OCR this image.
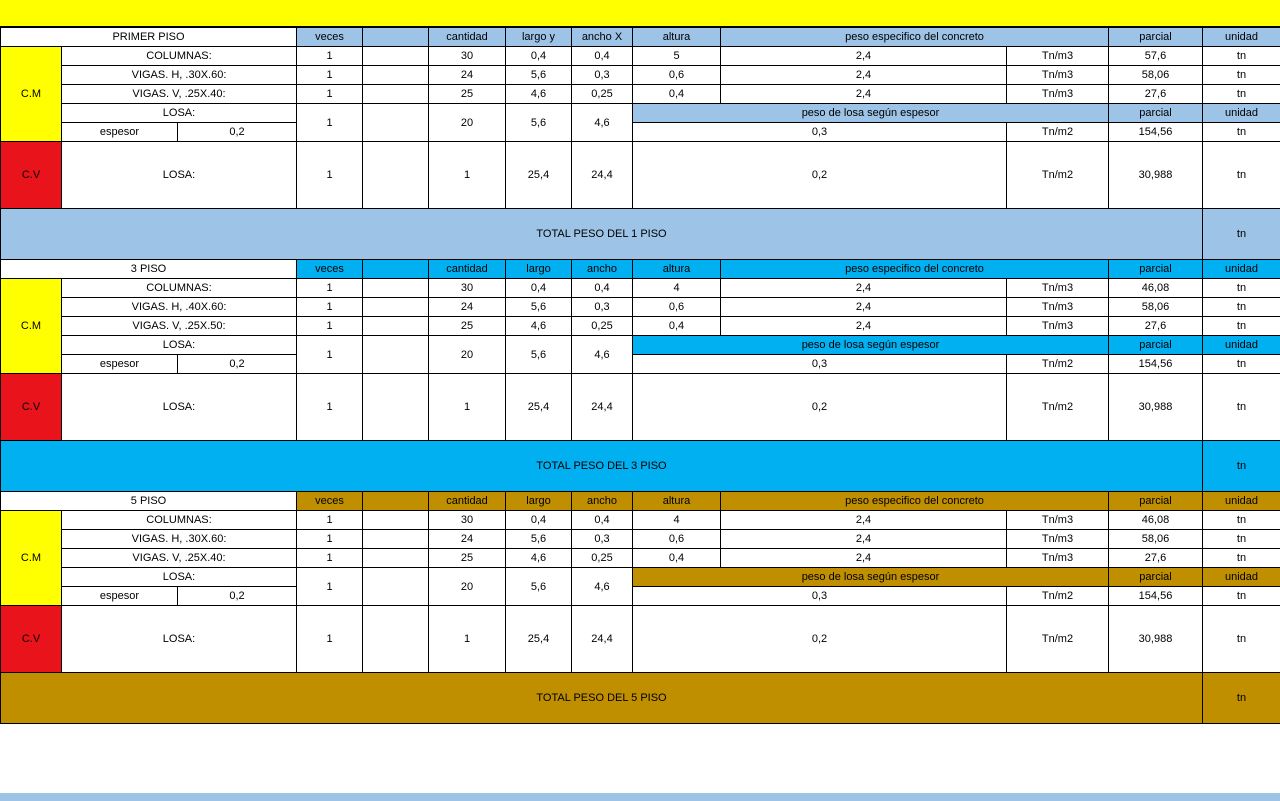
PRIMER PISO			veces		cantidad	largo y	ancho X	altura	peso especifico del concreto		parcial	unidad
C.M	COLUMNAS:		1		30	0,4	0,4	5	2,4	Tn/m3	57,6	tn
	VIGAS. H, .30X.60:		1		24	5,6	0,3	0,6	2,4	Tn/m3	58,06	tn
	VIGAS. V, .25X.40:		1		25	4,6	0,25	0,4	2,4	Tn/m3	27,6	tn
	LOSA:		1		20	5,6	4,6	peso de losa según espesor			parcial	unidad
	espesor	0,2						0,3		Tn/m2	154,56	tn
C.V	LOSA:		1		1	25,4	24,4	0,2		Tn/m2	30,988	tn
TOTAL PESO DEL 1 PISO												tn
3 PISO			veces		cantidad	largo	ancho	altura	peso especifico del concreto		parcial	unidad
C.M	COLUMNAS:		1		30	0,4	0,4	4	2,4	Tn/m3	46,08	tn
	VIGAS. H, .40X.60:		1		24	5,6	0,3	0,6	2,4	Tn/m3	58,06	tn
	VIGAS. V, .25X.50:		1		25	4,6	0,25	0,4	2,4	Tn/m3	27,6	tn
	LOSA:		1		20	5,6	4,6	peso de losa según espesor			parcial	unidad
	espesor	0,2						0,3		Tn/m2	154,56	tn
C.V	LOSA:		1		1	25,4	24,4	0,2		Tn/m2	30,988	tn
TOTAL PESO DEL 3 PISO												tn
5 PISO			veces		cantidad	largo	ancho	altura	peso especifico del concreto		parcial	unidad
C.M	COLUMNAS:		1		30	0,4	0,4	4	2,4	Tn/m3	46,08	tn
	VIGAS. H, .30X.60:		1		24	5,6	0,3	0,6	2,4	Tn/m3	58,06	tn
	VIGAS. V, .25X.40:		1		25	4,6	0,25	0,4	2,4	Tn/m3	27,6	tn
	LOSA:		1		20	5,6	4,6	peso de losa según espesor			parcial	unidad
	espesor	0,2						0,3		Tn/m2	154,56	tn
C.V	LOSA:		1		1	25,4	24,4	0,2		Tn/m2	30,988	tn
TOTAL PESO DEL 5 PISO												tn
